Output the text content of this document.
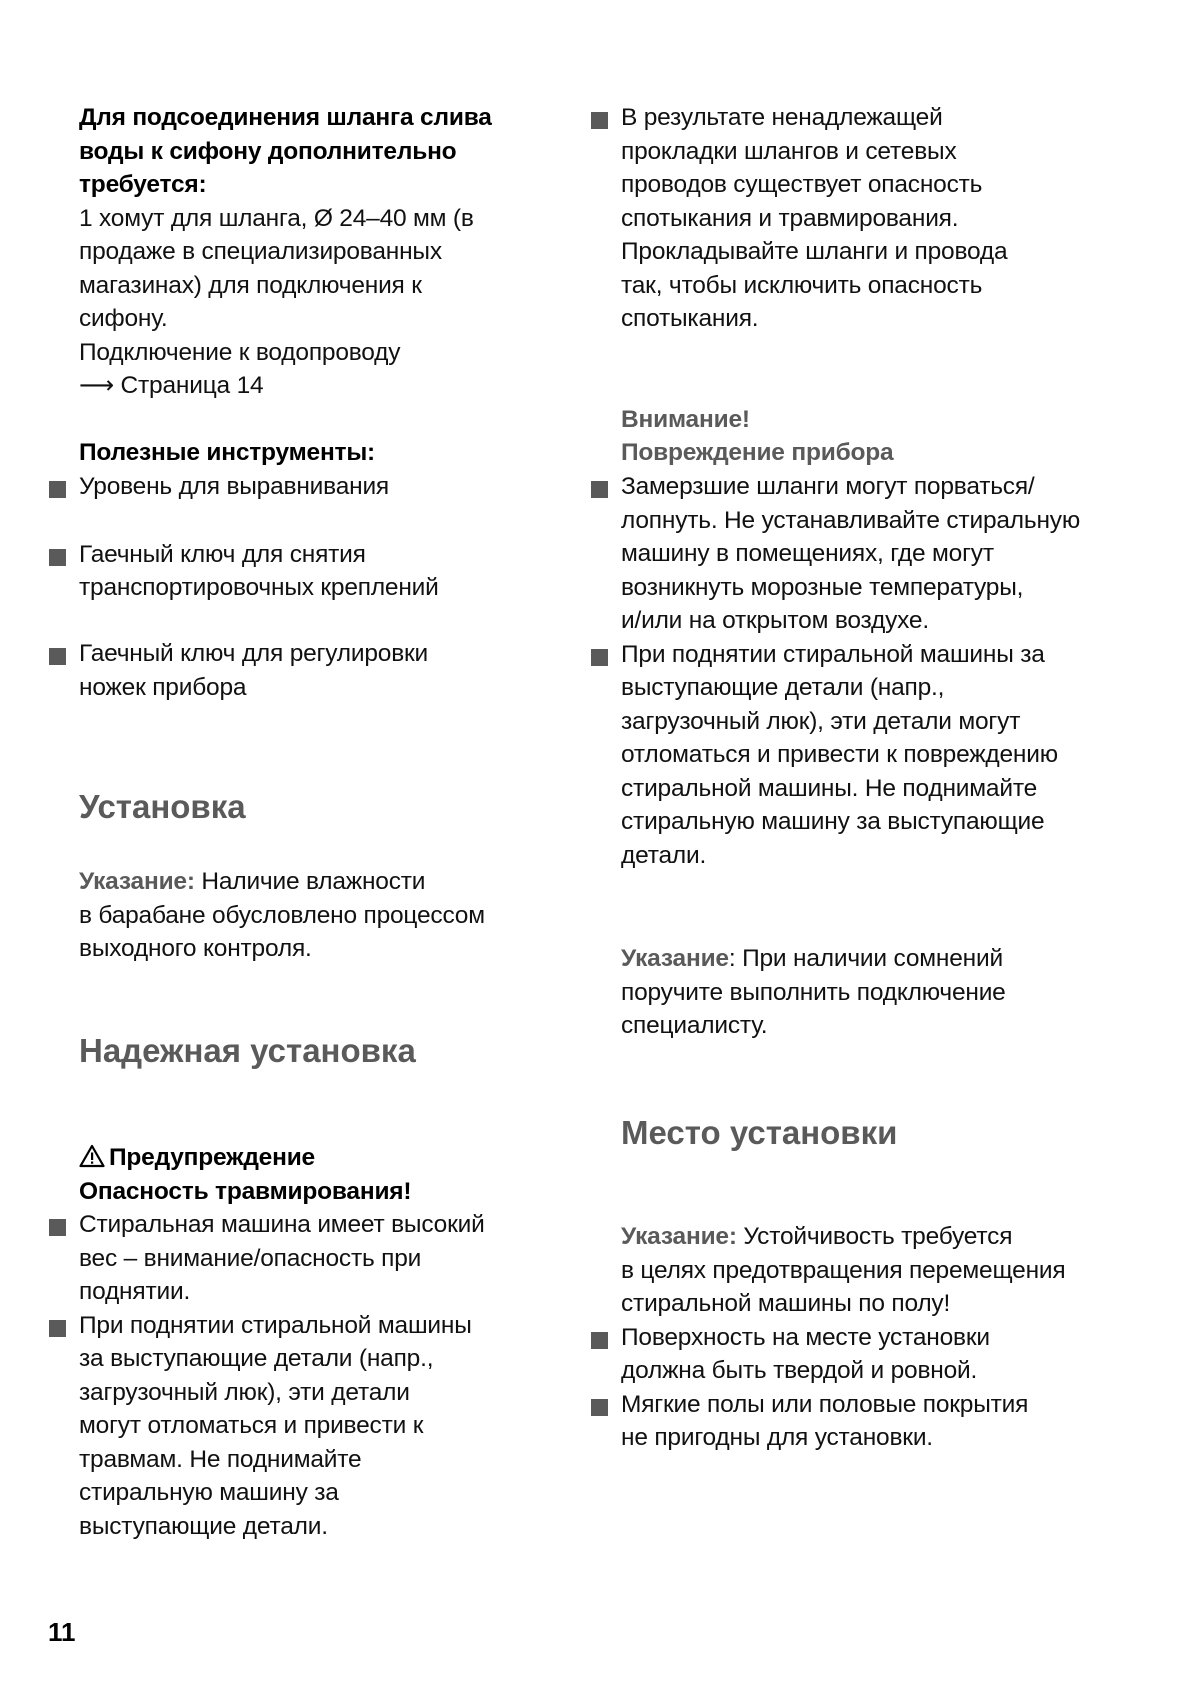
Для подсоединения шланга слива
воды к сифону дополнительно
требуется:
1 хомут для шланга, Ø 24–40 мм (в
продаже в специализированных
магазинах) для подключения к
сифону.
Подключение к водопроводу
⟶ Страница 14
Полезные инструменты:
Уровень для выравнивания
Гаечный ключ для снятия
транспортировочных креплений
Гаечный ключ для регулировки
ножек прибора
Установка
Указание: Наличие влажности
в барабане обусловлено процессом
выходного контроля.
Надежная установка
Предупреждение
Опасность травмирования!
Стиральная машина имеет высокий
вес – внимание/опасность при
поднятии.
При поднятии стиральной машины
за выступающие детали (напр.,
загрузочный люк), эти детали
могут отломаться и привести к
травмам. Не поднимайте
стиральную машину за
выступающие детали.
В результате ненадлежащей
прокладки шлангов и сетевых
проводов существует опасность
спотыкания и травмирования.
Прокладывайте шланги и провода
так, чтобы исключить опасность
спотыкания.
Внимание!
Повреждение прибора
Замерзшие шланги могут порваться/
лопнуть. Не устанавливайте стиральную
машину в помещениях, где могут
возникнуть морозные температуры,
и/или на открытом воздухе.
При поднятии стиральной машины за
выступающие детали (напр.,
загрузочный люк), эти детали могут
отломаться и привести к повреждению
стиральной машины. Не поднимайте
стиральную машину за выступающие
детали.
Указание: При наличии сомнений
поручите выполнить подключение
специалисту.
Место установки
Указание: Устойчивость требуется
в целях предотвращения перемещения
стиральной машины по полу!
Поверхность на месте установки
должна быть твердой и ровной.
Мягкие полы или половые покрытия
не пригодны для установки.
11
